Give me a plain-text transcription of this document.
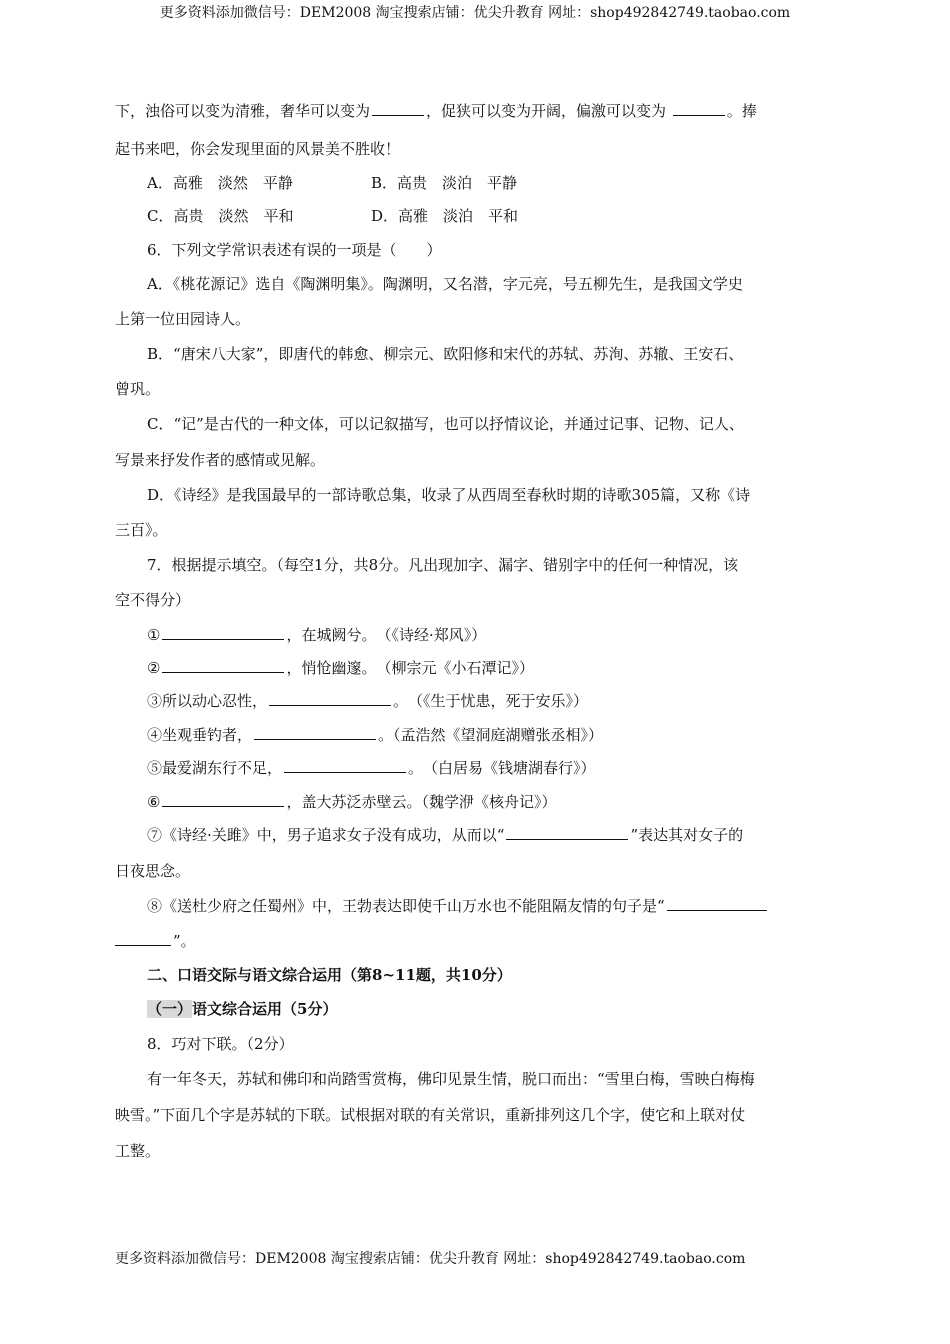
更多资料添加微信号：DEM2008 淘宝搜索店铺：优尖升教育 网址：shop492842749.taobao.com
下，浊俗可以变为清雅，奢华可以变为	，促狭可以变为开阔，偏激可以变为	。捧
起书来吧，你会发现里面的风景美不胜收！
A．高雅　淡然　平静	B．高贵　淡泊　平静
C．高贵　淡然　平和	D．高雅　淡泊　平和
6．下列文学常识表述有误的一项是（　　）
A．《桃花源记》选自《陶渊明集》。陶渊明，又名潜，字元亮，号五柳先生，是我国文学史
上第一位田园诗人。
B．“唐宋八大家”，即唐代的韩愈、柳宗元、欧阳修和宋代的苏轼、苏洵、苏辙、王安石、
曾巩。
C．“记”是古代的一种文体，可以记叙描写，也可以抒情议论，并通过记事、记物、记人、
写景来抒发作者的感情或见解。
D．《诗经》是我国最早的一部诗歌总集，收录了从西周至春秋时期的诗歌305篇，又称《诗
三百》。
7．根据提示填空。（每空1分，共8分。凡出现加字、漏字、错别字中的任何一种情况，该
空不得分）
①	，在城阙兮。　（《诗经·郑风》）
②	，悄怆幽邃。　（柳宗元《小石潭记》）
③所以动心忍性，	。　（《生于忧患，死于安乐》）
④坐观垂钓者，	。（孟浩然《望洞庭湖赠张丞相》）
⑤最爱湖东行不足，	。　（白居易《钱塘湖春行》）
⑥	，盖大苏泛赤壁云。（魏学洢《核舟记》）
⑦《诗经·关雎》中，男子追求女子没有成功，从而以“	”表达其对女子的
日夜思念。
⑧《送杜少府之任蜀州》中，王勃表达即使千山万水也不能阻隔友情的句子是“
”。
二、口语交际与语文综合运用（第8~11题，共10分）
（一）语文综合运用（5分）
8．巧对下联。（2分）
有一年冬天，苏轼和佛印和尚踏雪赏梅，佛印见景生情，脱口而出：“雪里白梅，雪映白梅梅
映雪。”下面几个字是苏轼的下联。试根据对联的有关常识，重新排列这几个字，使它和上联对仗
工整。
更多资料添加微信号：DEM2008 淘宝搜索店铺：优尖升教育 网址：shop492842749.taobao.com
